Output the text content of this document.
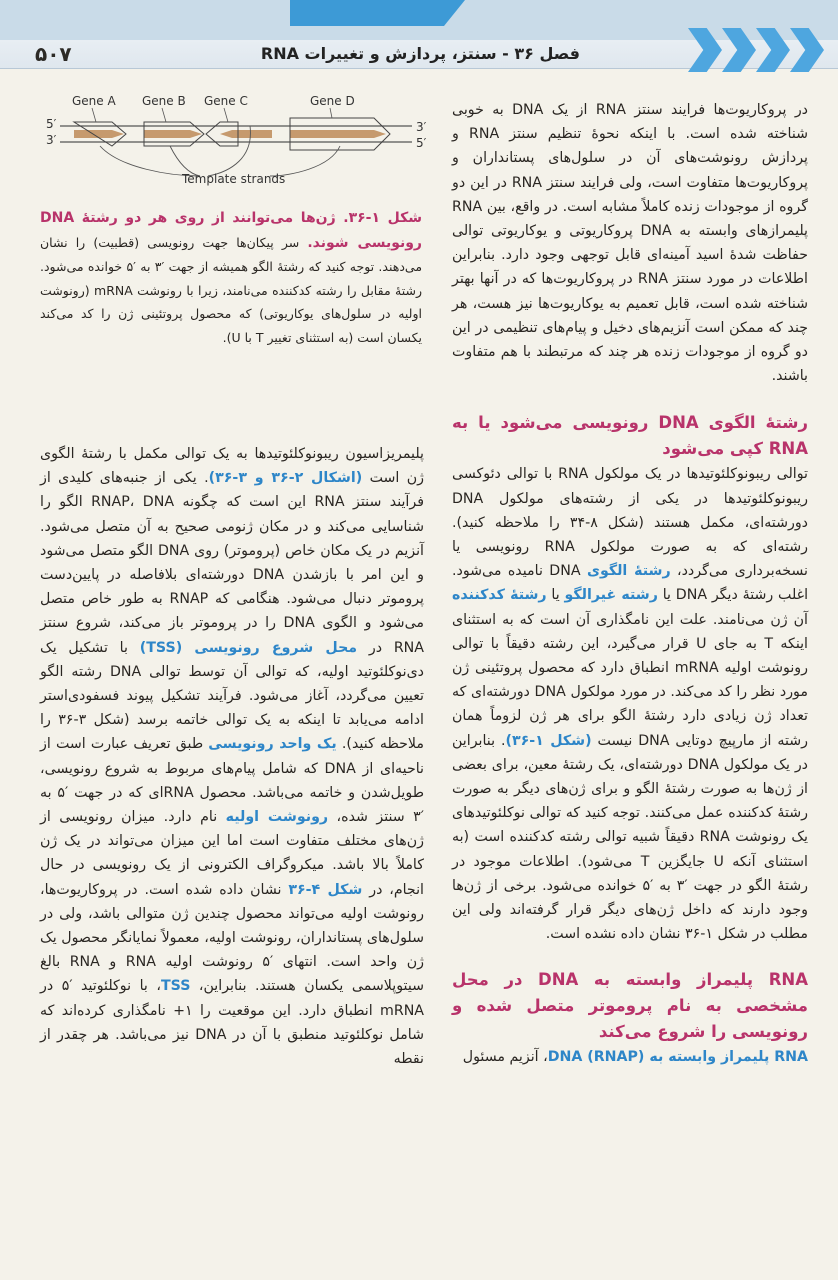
۵۰۷	فصل ۳۶ - سنتز، پردازش و تغییرات RNA
Gene A Gene B Gene C	Gene D
5′
3′
3′
5′
Template strands
شکل ۱-۳۶. ژن‌ها می‌توانند از روی هر دو رشتهٔ DNA رونویسی شوند. سر پیکان‌ها جهت رونویسی (قطبیت) را نشان می‌دهند. توجه کنید که رشتهٔ الگو همیشه از جهت ′۳ به ′۵ خوانده می‌شود. رشتهٔ مقابل را رشته کدکننده می‌نامند، زیرا با رونوشت mRNA (رونوشت اولیه در سلول‌های یوکاریوتی) که محصول پروتئینی ژن را کد می‌کند یکسان است (به استثنای تغییر T با U).

در پروکاریوت‌ها فرایند سنتز RNA از یک DNA به خوبی شناخته شده است. با اینکه نحوهٔ تنظیم سنتز RNA و پردازش رونوشت‌های آن در سلول‌های پستانداران و پروکاریوت‌ها متفاوت است، ولی فرایند سنتز RNA در این دو گروه از موجودات زنده کاملاً مشابه است. در واقع، بین RNA پلیمرازهای وابسته به DNA پروکاریوتی و یوکاریوتی توالی حفاظت شدهٔ اسید آمینه‌ای قابل توجهی وجود دارد. بنابراین اطلاعات در مورد سنتز RNA در پروکاریوت‌ها که در آنها بهتر شناخته شده است، قابل تعمیم به یوکاریوت‌ها نیز هست، هر چند که ممکن است آنزیم‌های دخیل و پیام‌های تنظیمی در این دو گروه از موجودات زنده هر چند که مرتبطند با هم متفاوت باشند.

رشتهٔ الگوی DNA رونویسی می‌شود یا به RNA کپی می‌شود

توالی ریبونوکلئوتیدها در یک مولکول RNA با توالی دئوکسی ریبونوکلئوتیدها در یکی از رشته‌های مولکول DNA دورشته‌ای، مکمل هستند (شکل ۸-۳۴ را ملاحظه کنید). رشته‌ای که به صورت مولکول RNA رونویسی یا نسخه‌برداری می‌گردد، رشتهٔ الگوی DNA نامیده می‌شود. اغلب رشتهٔ دیگر DNA یا رشته غیرالگو یا رشتهٔ کدکننده آن ژن می‌نامند. علت این نامگذاری آن است که به استثنای اینکه T به جای U قرار می‌گیرد، این رشته دقیقاً با توالی رونوشت اولیه mRNA انطباق دارد که محصول پروتئینی ژن مورد نظر را کد می‌کند. در مورد مولکول DNA دورشته‌ای که تعداد ژن زیادی دارد رشتهٔ الگو برای هر ژن لزوماً همان رشته از مارپیچ دوتایی DNA نیست (شکل ۱-۳۶). بنابراین در یک مولکول DNA دورشته‌ای، یک رشتهٔ معین، برای بعضی از ژن‌ها به صورت رشتهٔ الگو و برای ژن‌های دیگر به صورت رشتهٔ کدکننده عمل می‌کنند. توجه کنید که توالی نوکلئوتیدهای یک رونوشت RNA دقیقاً شبیه توالی رشته کدکننده است (به استثنای آنکه U جایگزین T می‌شود). اطلاعات موجود در رشتهٔ الگو در جهت ′۳ به ′۵ خوانده می‌شود. برخی از ژن‌ها وجود دارند که داخل ژن‌های دیگر قرار گرفته‌اند ولی این مطلب در شکل ۱-۳۶ نشان داده نشده است.

RNA پلیمراز وابسته به DNA در محل مشخصی به نام پروموتر متصل شده و رونویسی را شروع می‌کند

RNA پلیمراز وابسته به DNA (RNAP)، آنزیم مسئول

پلیمریزاسیون ریبونوکلئوتیدها به یک توالی مکمل با رشتهٔ الگوی ژن است (اشکال ۲-۳۶ و ۳-۳۶). یکی از جنبه‌های کلیدی از فرآیند سنتز RNA این است که چگونه RNAP، DNA الگو را شناسایی می‌کند و در مکان ژنومی صحیح به آن متصل می‌شود. آنزیم در یک مکان خاص (پروموتر) روی DNA الگو متصل می‌شود و این امر با بازشدن DNA دورشته‌ای بلافاصله در پایین‌دست پروموتر دنبال می‌شود. هنگامی که RNAP به طور خاص متصل می‌شود و الگوی DNA را در پروموتر باز می‌کند، شروع سنتز RNA در محل شروع رونویسی (TSS) با تشکیل یک دی‌نوکلئوتید اولیه، که توالی آن توسط توالی DNA رشته الگو تعیین می‌گردد، آغاز می‌شود. فرآیند تشکیل پیوند فسفودی‌استر ادامه می‌یابد تا اینکه به یک توالی خاتمه برسد (شکل ۳-۳۶ را ملاحظه کنید). یک واحد رونویسی طبق تعریف عبارت است از ناحیه‌ای از DNA که شامل پیام‌های مربوط به شروع رونویسی، طویل‌شدن و خاتمه می‌باشد. محصول RNAای که در جهت ′۵ به ′۳ سنتز شده، رونوشت اولیه نام دارد. میزان رونویسی از ژن‌های مختلف متفاوت است اما این میزان می‌تواند در یک ژن کاملاً بالا باشد. میکروگراف الکترونی از یک رونویسی در حال انجام، در شکل ۴-۳۶ نشان داده شده است. در پروکاریوت‌ها، رونوشت اولیه می‌تواند محصول چندین ژن متوالی باشد، ولی در سلول‌های پستانداران، رونوشت اولیه، معمولاً نمایانگر محصول یک ژن واحد است. انتهای ′۵ رونوشت اولیه RNA و RNA بالغ سیتوپلاسمی یکسان هستند. بنابراین، TSS، با نوکلئوتید ′۵ در mRNA انطباق دارد. این موقعیت را ۱+ نامگذاری کرده‌اند که شامل نوکلئوتید منطبق با آن در DNA نیز می‌باشد. هر چقدر از نقطه
